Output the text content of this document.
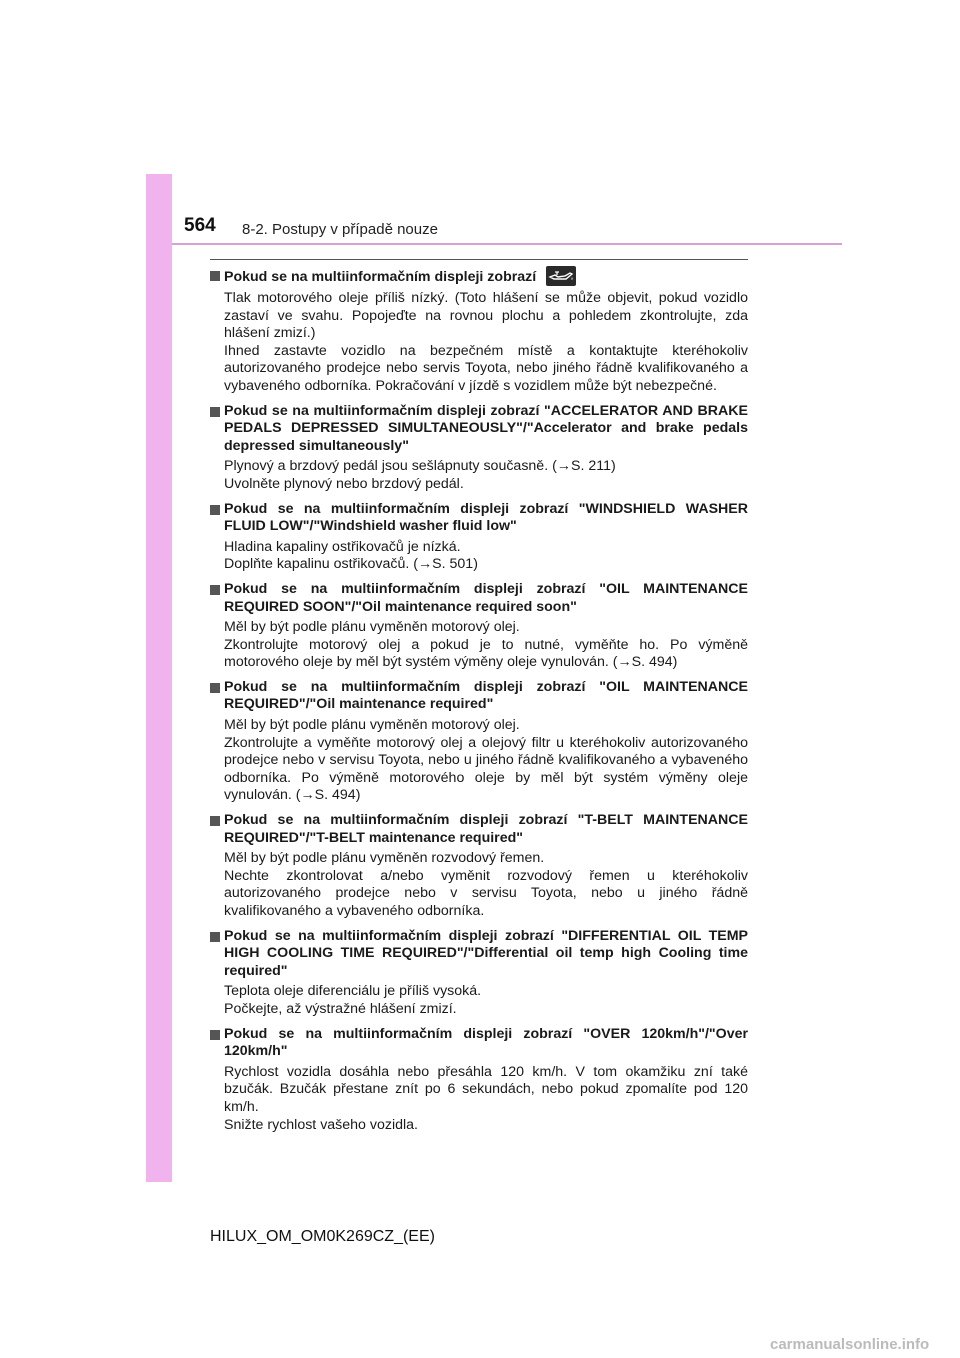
564 8-2. Postupy v případě nouze
Pokud se na multiinformačním displeji zobrazí

Tlak motorového oleje příliš nízký. (Toto hlášení se může objevit, pokud vozidlo zastaví ve svahu. Popojeďte na rovnou plochu a pohledem zkontrolujte, zda hlášení zmizí.)

Ihned zastavte vozidlo na bezpečném místě a kontaktujte kteréhokoliv autorizovaného prodejce nebo servis Toyota, nebo jiného řádně kvalifikovaného a vybaveného odborníka. Pokračování v jízdě s vozidlem může být nebezpečné.

Pokud se na multiinformačním displeji zobrazí "ACCELERATOR AND BRAKE PEDALS DEPRESSED SIMULTANEOUSLY"/"Accelerator and brake pedals depressed simultaneously"

Plynový a brzdový pedál jsou sešlápnuty současně. (→S. 211)

Uvolněte plynový nebo brzdový pedál.

Pokud se na multiinformačním displeji zobrazí "WINDSHIELD WASHER FLUID LOW"/"Windshield washer fluid low"

Hladina kapaliny ostřikovačů je nízká.

Doplňte kapalinu ostřikovačů. (→S. 501)

Pokud se na multiinformačním displeji zobrazí "OIL MAINTENANCE REQUIRED SOON"/"Oil maintenance required soon"

Měl by být podle plánu vyměněn motorový olej.

Zkontrolujte motorový olej a pokud je to nutné, vyměňte ho. Po výměně motorového oleje by měl být systém výměny oleje vynulován. (→S. 494)

Pokud se na multiinformačním displeji zobrazí "OIL MAINTENANCE REQUIRED"/"Oil maintenance required"

Měl by být podle plánu vyměněn motorový olej.

Zkontrolujte a vyměňte motorový olej a olejový filtr u kteréhokoliv autorizovaného prodejce nebo v servisu Toyota, nebo u jiného řádně kvalifikovaného a vybaveného odborníka. Po výměně motorového oleje by měl být systém výměny oleje vynulován. (→S. 494)

Pokud se na multiinformačním displeji zobrazí "T-BELT MAINTENANCE REQUIRED"/"T-BELT maintenance required"

Měl by být podle plánu vyměněn rozvodový řemen.

Nechte zkontrolovat a/nebo vyměnit rozvodový řemen u kteréhokoliv autorizovaného prodejce nebo v servisu Toyota, nebo u jiného řádně kvalifikovaného a vybaveného odborníka.

Pokud se na multiinformačním displeji zobrazí "DIFFERENTIAL OIL TEMP HIGH COOLING TIME REQUIRED"/"Differential oil temp high Cooling time required"

Teplota oleje diferenciálu je příliš vysoká.

Počkejte, až výstražné hlášení zmizí.

Pokud se na multiinformačním displeji zobrazí "OVER 120km/h"/"Over 120km/h"

Rychlost vozidla dosáhla nebo přesáhla 120 km/h. V tom okamžiku zní také bzučák. Bzučák přestane znít po 6 sekundách, nebo pokud zpomalíte pod 120 km/h.

Snižte rychlost vašeho vozidla.

HILUX_OM_OM0K269CZ_(EE)
carmanualsonline.info
